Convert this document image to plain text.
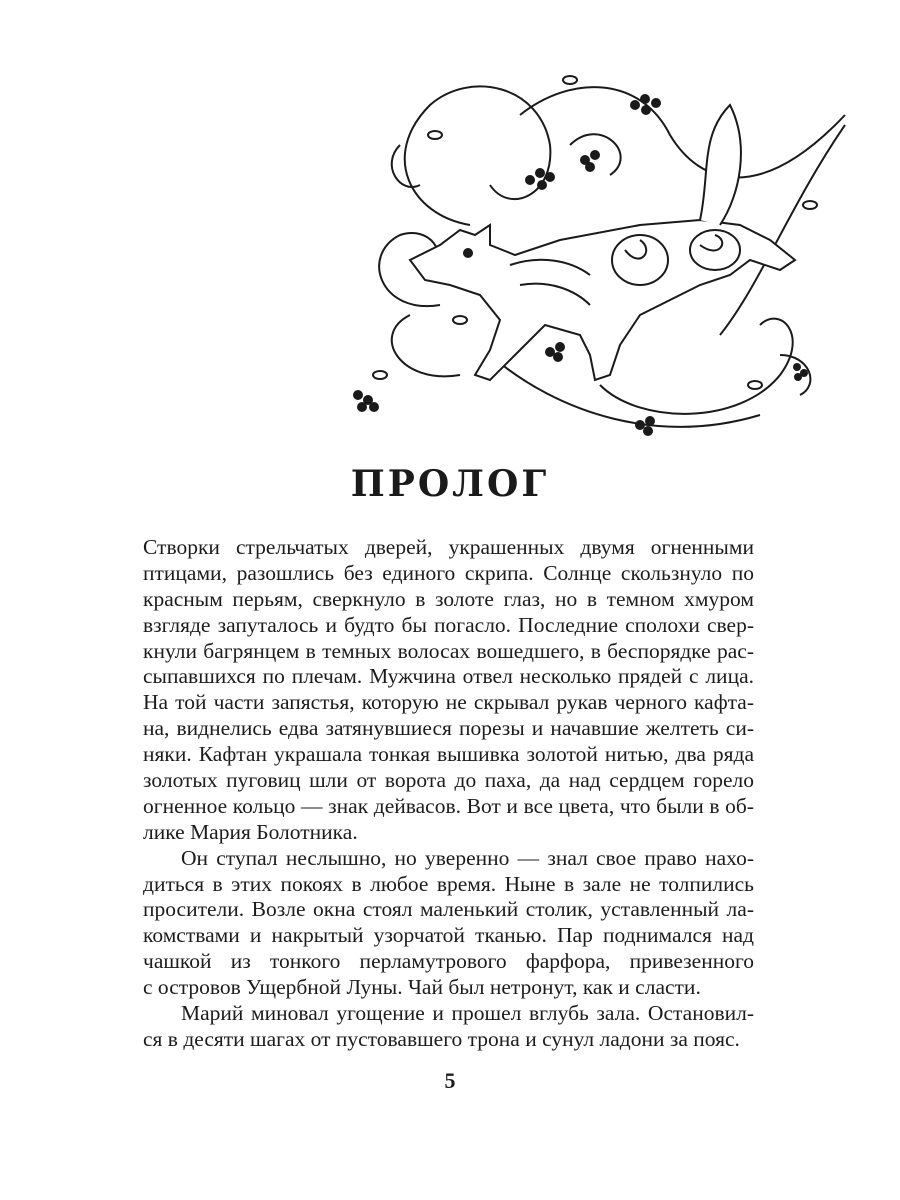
ПРОЛОГ
Створки стрельчатых дверей, украшенных двумя огненными
птицами, разошлись без единого скрипа. Солнце скользнуло по
красным перьям, сверкнуло в золоте глаз, но в темном хмуром
взгляде запуталось и будто бы погасло. Последние сполохи свер-
кнули багрянцем в темных волосах вошедшего, в беспорядке рас-
сыпавшихся по плечам. Мужчина отвел несколько прядей с лица.
На той части запястья, которую не скрывал рукав черного кафта-
на, виднелись едва затянувшиеся порезы и начавшие желтеть си-
няки. Кафтан украшала тонкая вышивка золотой нитью, два ряда
золотых пуговиц шли от ворота до паха, да над сердцем горело
огненное кольцо — знак дейвасов. Вот и все цвета, что были в об-
лике Мария Болотника.
Он ступал неслышно, но уверенно — знал свое право нахо-
диться в этих покоях в любое время. Ныне в зале не толпились
просители. Возле окна стоял маленький столик, уставленный ла-
комствами и накрытый узорчатой тканью. Пар поднимался над
чашкой из тонкого перламутрового фарфора, привезенного
с островов Ущербной Луны. Чай был нетронут, как и сласти.
Марий миновал угощение и прошел вглубь зала. Остановил-
ся в десяти шагах от пустовавшего трона и сунул ладони за пояс.
5
